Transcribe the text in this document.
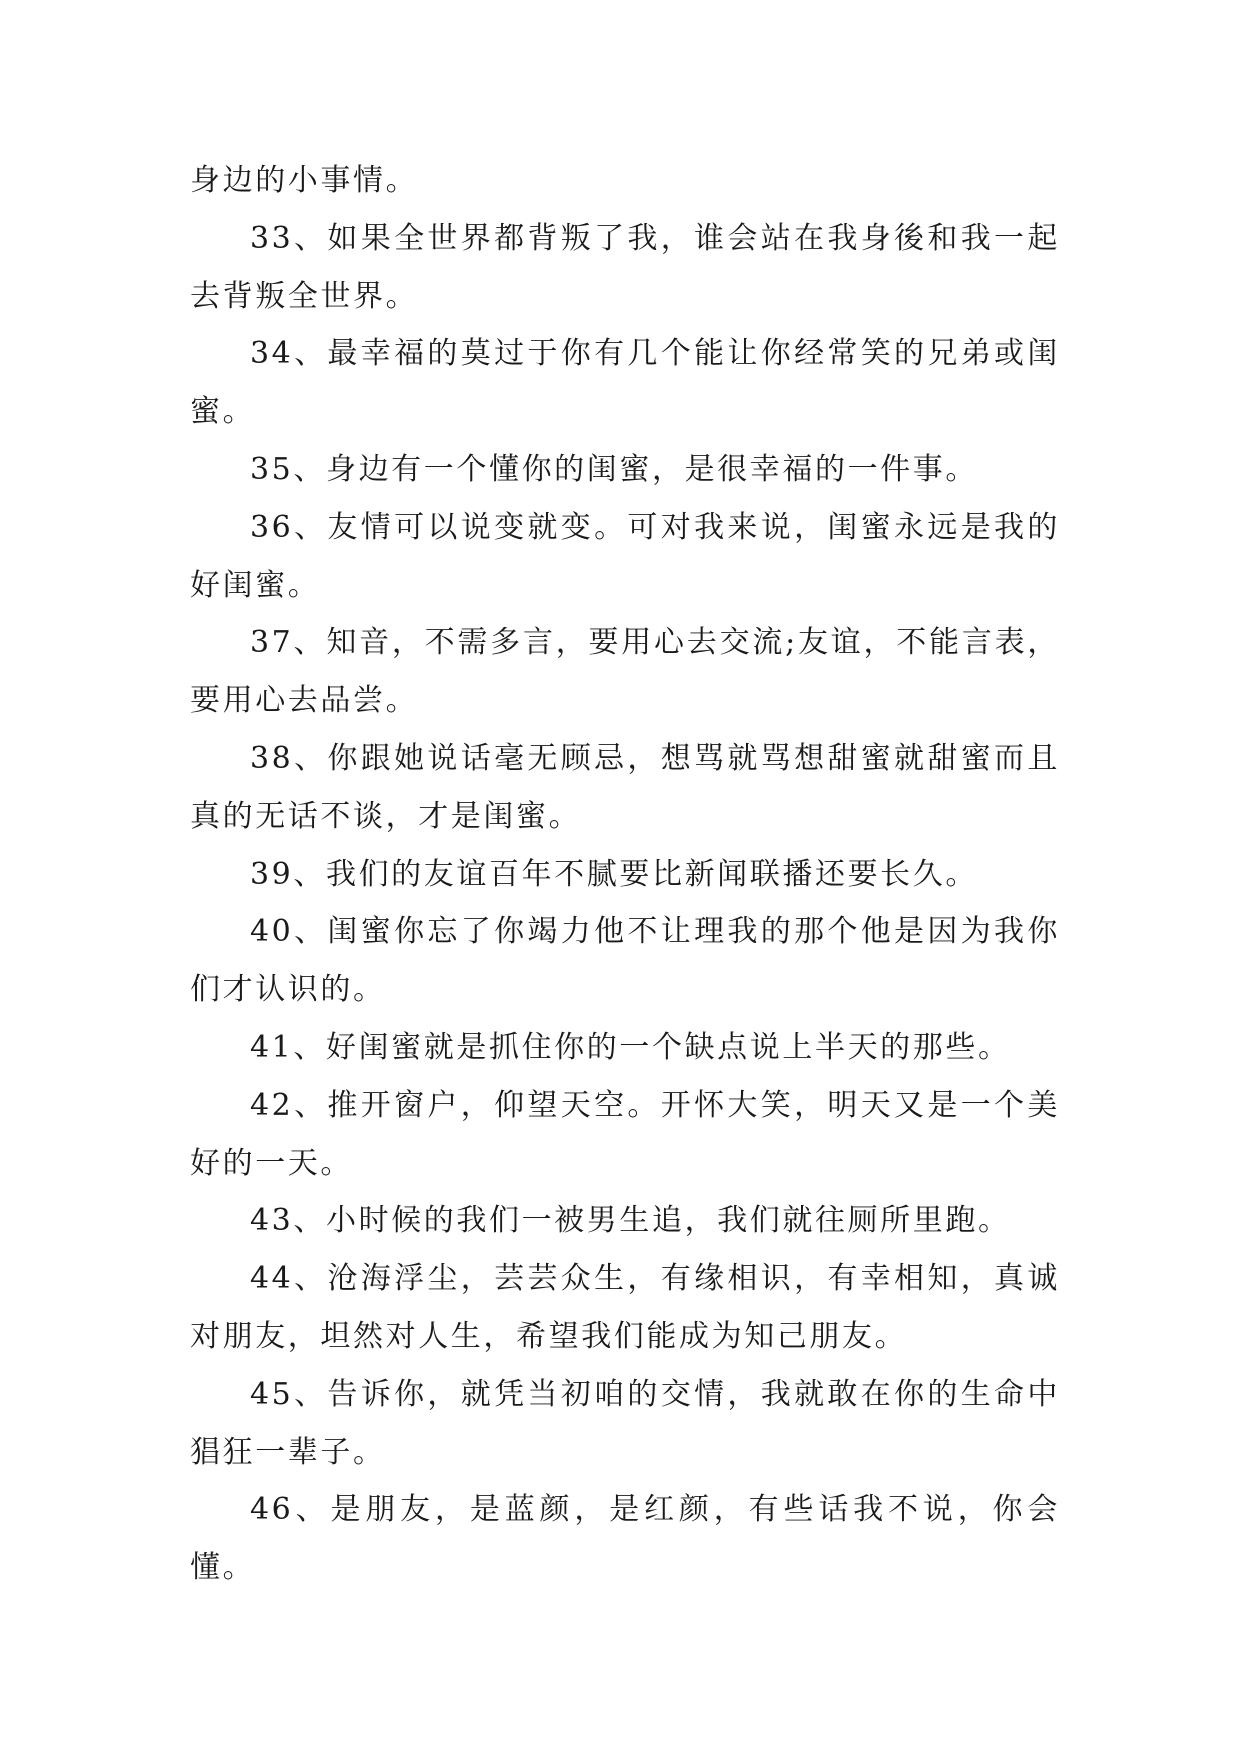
身边的小事情。

33、如果全世界都背叛了我，谁会站在我身後和我一起去背叛全世界。

34、最幸福的莫过于你有几个能让你经常笑的兄弟或闺蜜。

35、身边有一个懂你的闺蜜，是很幸福的一件事。

36、友情可以说变就变。可对我来说，闺蜜永远是我的好闺蜜。

37、知音，不需多言，要用心去交流;友谊，不能言表，要用心去品尝。

38、你跟她说话毫无顾忌，想骂就骂想甜蜜就甜蜜而且真的无话不谈，才是闺蜜。

39、我们的友谊百年不腻要比新闻联播还要长久。

40、闺蜜你忘了你竭力他不让理我的那个他是因为我你们才认识的。

41、好闺蜜就是抓住你的一个缺点说上半天的那些。

42、推开窗户，仰望天空。开怀大笑，明天又是一个美好的一天。

43、小时候的我们一被男生追，我们就往厕所里跑。

44、沧海浮尘，芸芸众生，有缘相识，有幸相知，真诚对朋友，坦然对人生，希望我们能成为知己朋友。

45、告诉你，就凭当初咱的交情，我就敢在你的生命中猖狂一辈子。

46、是朋友，是蓝颜，是红颜，有些话我不说，你会懂。
